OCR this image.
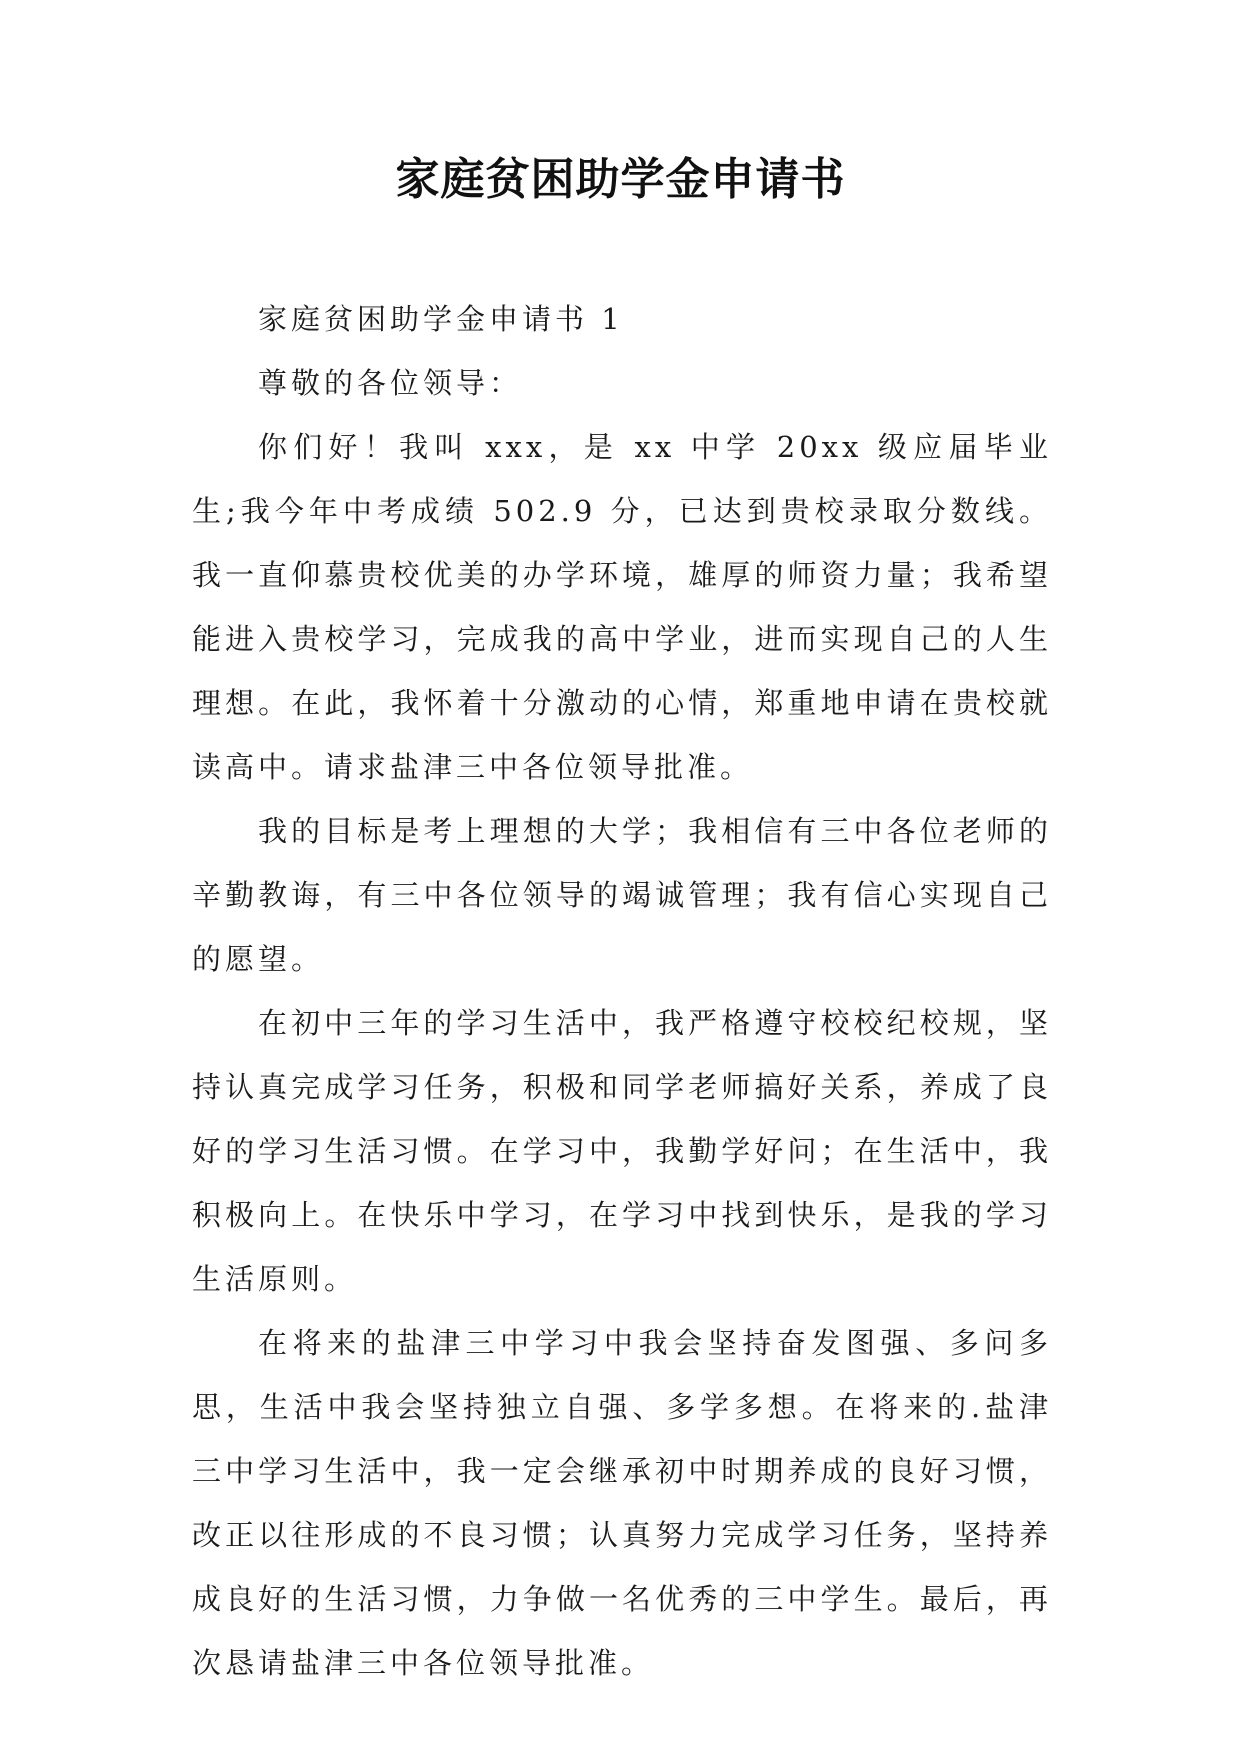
家庭贫困助学金申请书

家庭贫困助学金申请书 1

尊敬的各位领导：

你们好！我叫 xxx，是 xx 中学 20xx 级应届毕业生;我今年中考成绩 502.9 分，已达到贵校录取分数线。我一直仰慕贵校优美的办学环境，雄厚的师资力量；我希望能进入贵校学习，完成我的高中学业，进而实现自己的人生理想。在此，我怀着十分激动的心情，郑重地申请在贵校就读高中。请求盐津三中各位领导批准。

我的目标是考上理想的大学；我相信有三中各位老师的辛勤教诲，有三中各位领导的竭诚管理；我有信心实现自己的愿望。

在初中三年的学习生活中，我严格遵守校校纪校规，坚持认真完成学习任务，积极和同学老师搞好关系，养成了良好的学习生活习惯。在学习中，我勤学好问；在生活中，我积极向上。在快乐中学习，在学习中找到快乐，是我的学习生活原则。

在将来的盐津三中学习中我会坚持奋发图强、多问多思，生活中我会坚持独立自强、多学多想。在将来的.盐津三中学习生活中，我一定会继承初中时期养成的良好习惯，改正以往形成的不良习惯；认真努力完成学习任务，坚持养成良好的生活习惯，力争做一名优秀的三中学生。最后，再次恳请盐津三中各位领导批准。
